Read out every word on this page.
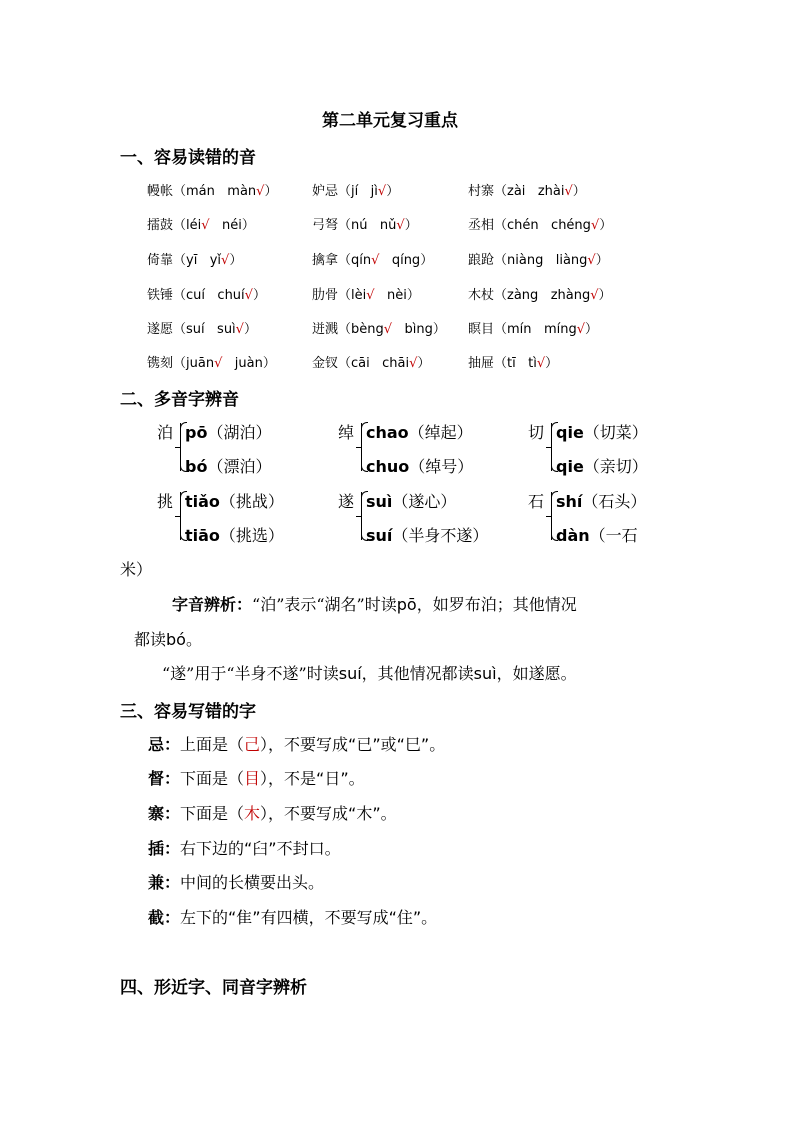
第二单元复习重点
一、容易读错的音
幔帐（mán màn√）	妒忌（jí jì√）	村寨（zài zhài√）
擂鼓（léi√ néi）	弓弩（nú nǔ√）	丞相（chén chéng√）
倚靠（yī yǐ√）	擒拿（qín√ qíng）	踉跄（niàng liàng√）
铁锤（cuí chuí√）	肋骨（lèi√ nèi）	木杖（zàng zhàng√）
遂愿（suí suì√）	迸溅（bèng√ bìng） 瞑目（mín míng√）
镌刻（juān√ juàn）	金钗（cāi chāi√）	抽屉（tī tì√）
二、多音字辨音
泊 pō（湖泊）
bó（漂泊）
绰 chao（绰起）
chuo（绰号）
切 qie（切菜）
qie（亲切）
挑 tiǎo（挑战）
tiāo（挑选）
遂 suì（遂心）
suí（半身不遂）
石 shí（石头）
dàn（一石
米）
字音辨析：“泊”表示“湖名”时读pō，如罗布泊；其他情况
都读bó。
“遂”用于“半身不遂”时读suí，其他情况都读suì，如遂愿。
三、容易写错的字
忌：上面是（己），不要写成“已”或“巳”。
督：下面是（目），不是“日”。
寨：下面是（木），不要写成“木”。
插：右下边的“臼”不封口。
兼：中间的长横要出头。
截：左下的“隹”有四横，不要写成“住”。
四、形近字、同音字辨析
